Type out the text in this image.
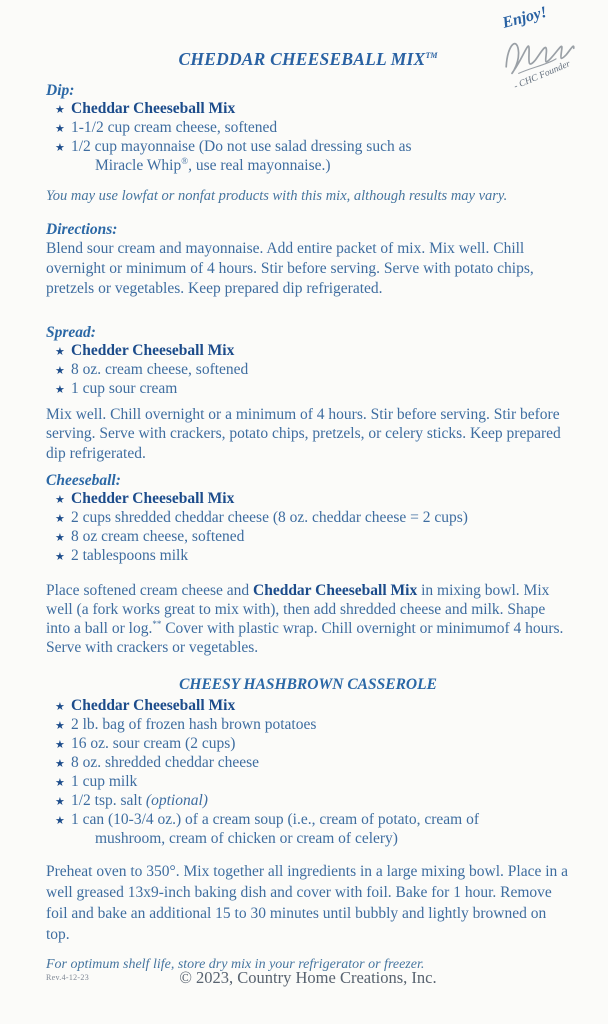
Enjoy!
- CHC Founder
CHEDDAR CHEESEBALL MIX™
Dip:
★ Cheddar Cheeseball Mix
★ 1-1/2 cup cream cheese, softened
★ 1/2 cup mayonnaise (Do not use salad dressing such as
Miracle Whip®, use real mayonnaise.)

You may use lowfat or nonfat products with this mix, although results may vary.

Directions:

Blend sour cream and mayonnaise. Add entire packet of mix. Mix well. Chill overnight or minimum of 4 hours. Stir before serving. Serve with potato chips, pretzels or vegetables. Keep prepared dip refrigerated.

Spread:
★ Chedder Cheeseball Mix
★ 8 oz. cream cheese, softened
★ 1 cup sour cream

Mix well. Chill overnight or a minimum of 4 hours. Stir before serving. Stir before serving. Serve with crackers, potato chips, pretzels, or celery sticks. Keep prepared dip refrigerated.

Cheeseball:
★ Chedder Cheeseball Mix
★ 2 cups shredded cheddar cheese (8 oz. cheddar cheese = 2 cups)
★ 8 oz cream cheese, softened
★ 2 tablespoons milk

Place softened cream cheese and Cheddar Cheeseball Mix in mixing bowl. Mix well (a fork works great to mix with), then add shredded cheese and milk. Shape into a ball or log.** Cover with plastic wrap. Chill overnight or minimumof 4 hours. Serve with crackers or vegetables.

CHEESY HASHBROWN CASSEROLE
★ Cheddar Cheeseball Mix
★ 2 lb. bag of frozen hash brown potatoes
★ 16 oz. sour cream (2 cups)
★ 8 oz. shredded cheddar cheese
★ 1 cup milk
★ 1/2 tsp. salt (optional)
★ 1 can (10-3/4 oz.) of a cream soup (i.e., cream of potato, cream of
mushroom, cream of chicken or cream of celery)

Preheat oven to 350°. Mix together all ingredients in a large mixing bowl. Place in a well greased 13x9-inch baking dish and cover with foil. Bake for 1 hour. Remove foil and bake an additional 15 to 30 minutes until bubbly and lightly browned on top.

For optimum shelf life, store dry mix in your refrigerator or freezer.

Rev.4-12-23	© 2023, Country Home Creations, Inc.
